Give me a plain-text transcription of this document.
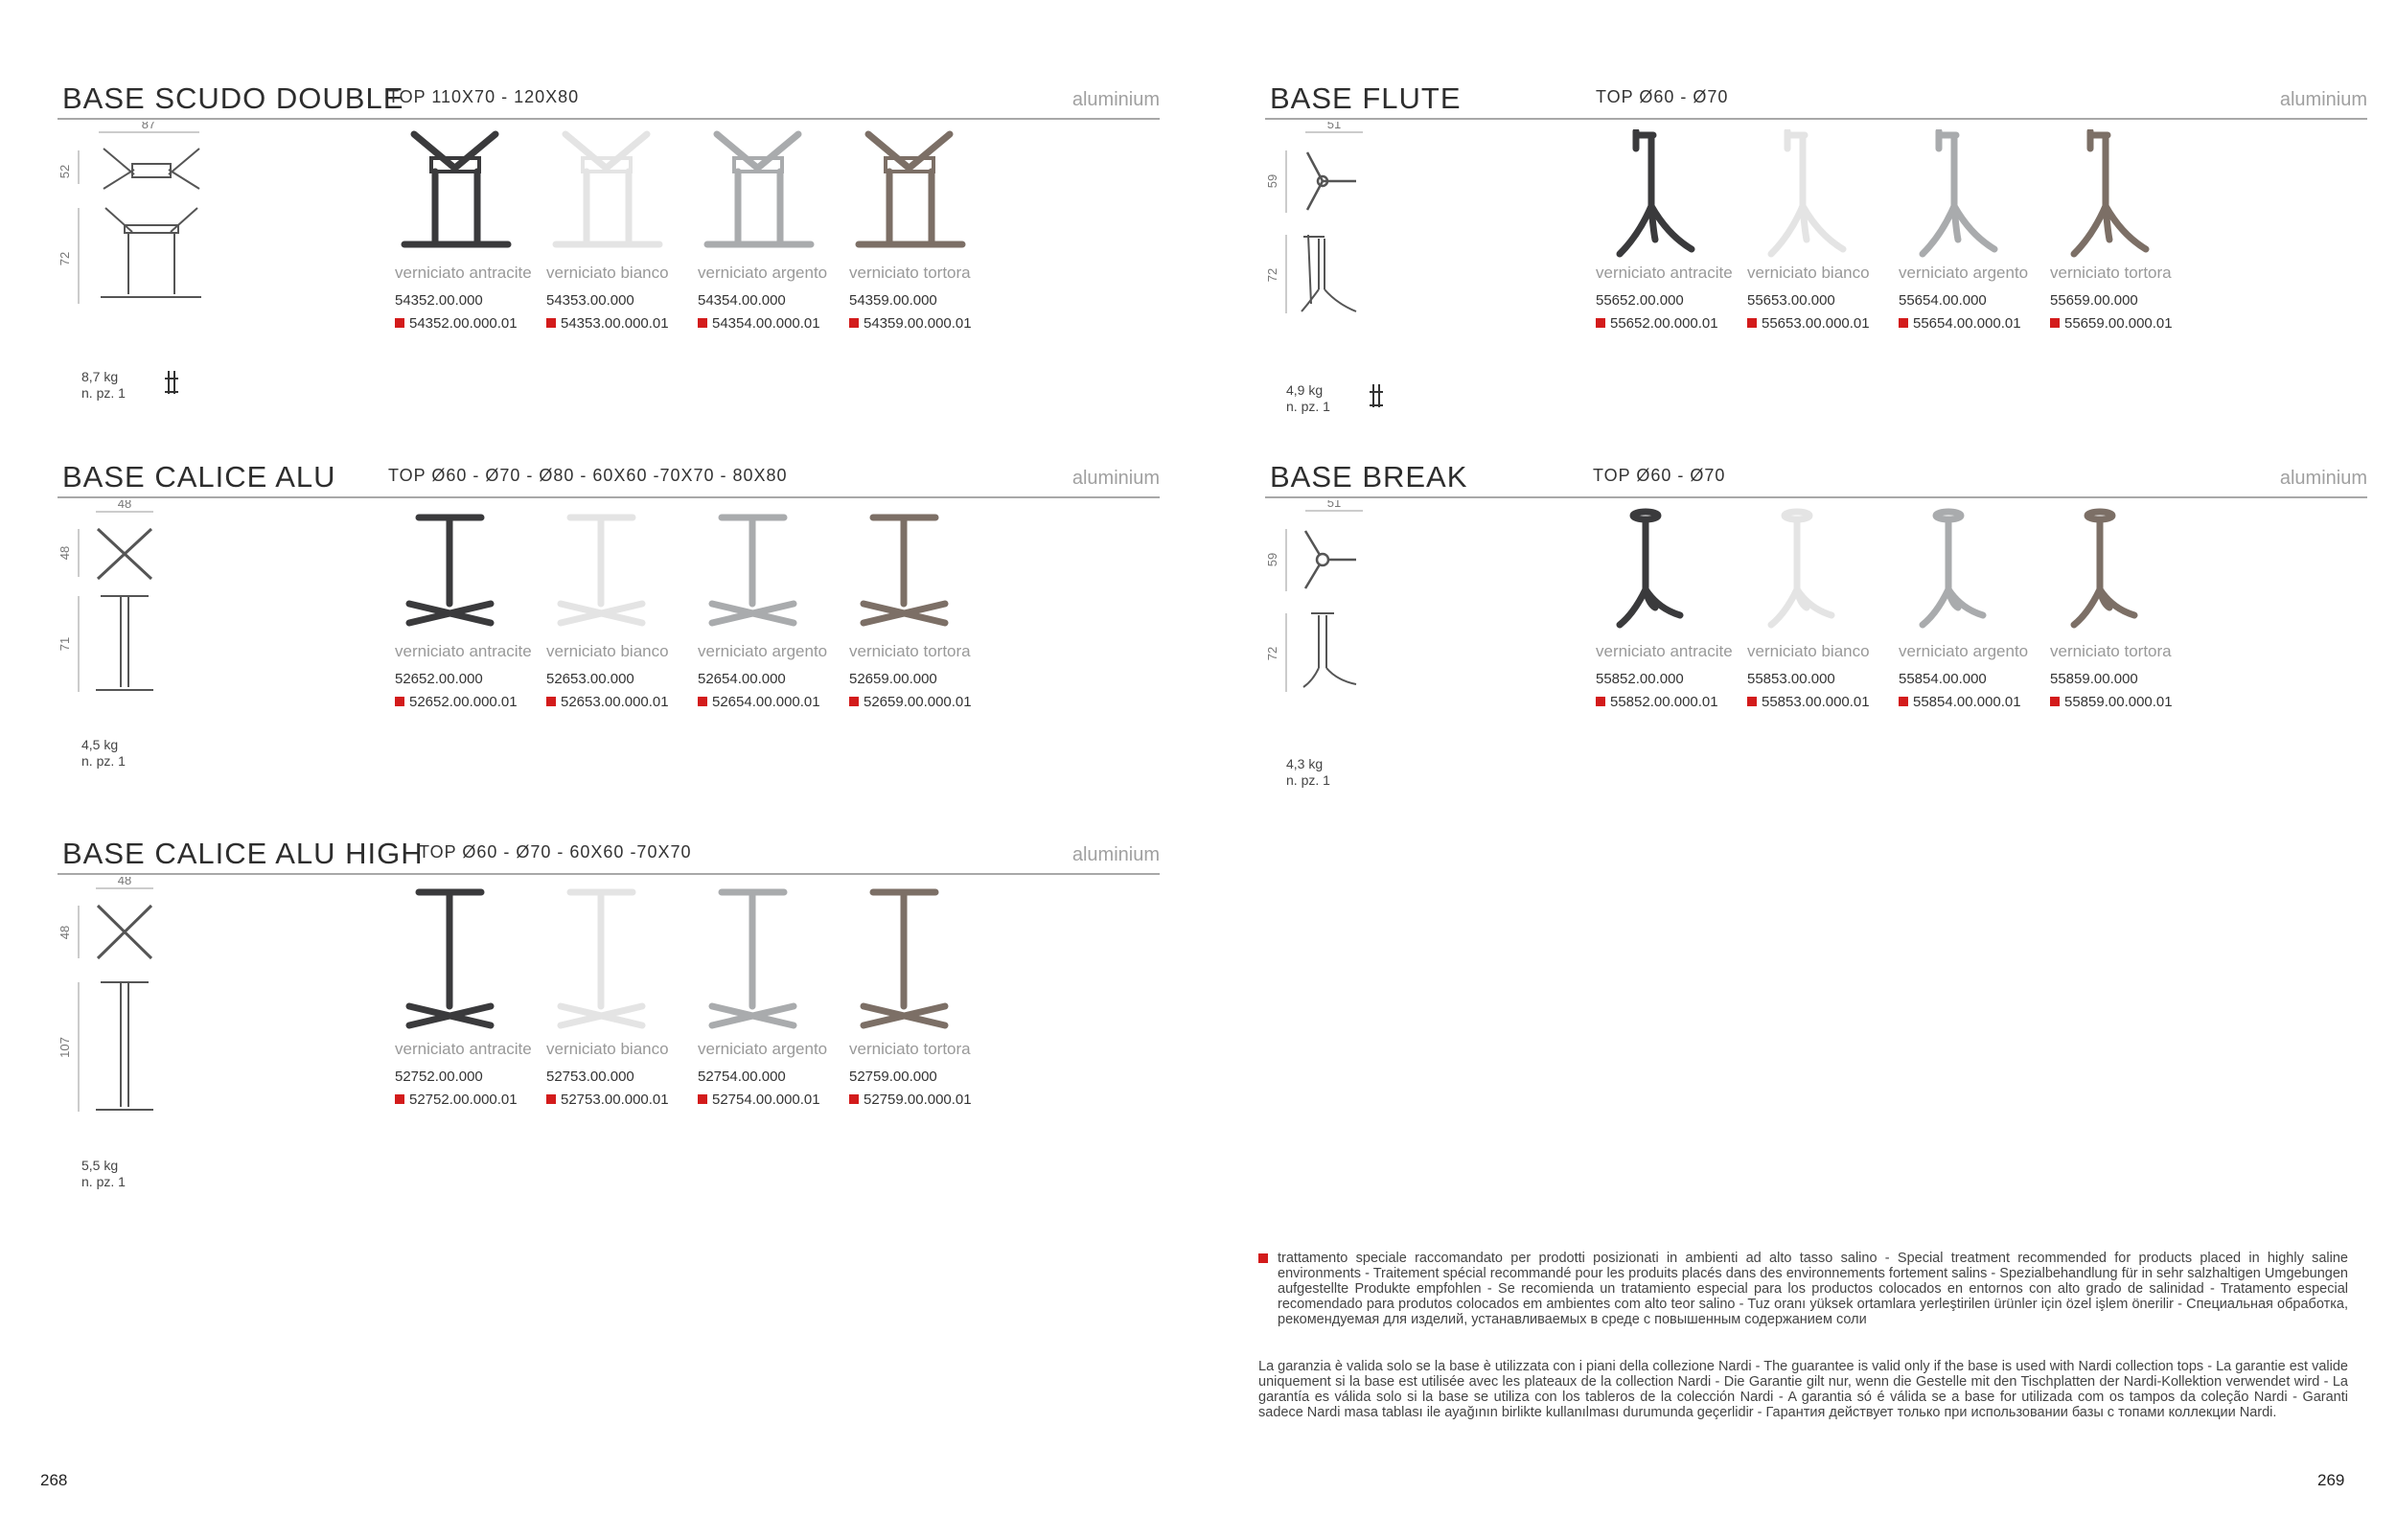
BASE SCUDO DOUBLE
TOP 110X70 - 120X80	aluminium
87
52
72
8,7 kg
n. pz. 1
verniciato antracite
54352.00.000
54352.00.000.01
verniciato bianco
54353.00.000
54353.00.000.01
verniciato argento
54354.00.000
54354.00.000.01
verniciato tortora
54359.00.000
54359.00.000.01
BASE CALICE ALU	TOP Ø60 - Ø70 - Ø80 - 60X60 -70X70 - 80X80	aluminium
48
48
71
4,5 kg
n. pz. 1
verniciato antracite
52652.00.000
52652.00.000.01
verniciato bianco
52653.00.000
52653.00.000.01
verniciato argento
52654.00.000
52654.00.000.01
verniciato tortora
52659.00.000
52659.00.000.01
BASE CALICE ALU HIGH
TOP Ø60 - Ø70 - 60X60 -70X70	aluminium
48
48
107
5,5 kg
n. pz. 1
verniciato antracite
52752.00.000
52752.00.000.01
verniciato bianco
52753.00.000
52753.00.000.01
verniciato argento
52754.00.000
52754.00.000.01
verniciato tortora
52759.00.000
52759.00.000.01
BASE FLUTE	TOP Ø60 - Ø70	aluminium
51
59
72
4,9 kg
n. pz. 1
verniciato antracite
55652.00.000
55652.00.000.01
verniciato bianco
55653.00.000
55653.00.000.01
verniciato argento
55654.00.000
55654.00.000.01
verniciato tortora
55659.00.000
55659.00.000.01
BASE BREAK	TOP Ø60 - Ø70	aluminium
51
59
72
4,3 kg
n. pz. 1
verniciato antracite
55852.00.000
55852.00.000.01
verniciato bianco
55853.00.000
55853.00.000.01
verniciato argento
55854.00.000
55854.00.000.01
verniciato tortora
55859.00.000
55859.00.000.01
trattamento speciale raccomandato per prodotti posizionati in ambienti ad alto tasso salino - Special treatment recommended for products placed in highly saline environments - Traitement spécial recommandé pour les produits placés dans des environnements fortement salins - Spezialbehandlung für in sehr salzhaltigen Umgebungen aufgestellte Produkte empfohlen - Se recomienda un tratamiento especial para los productos colocados en entornos con alto grado de salinidad - Tratamento especial recomendado para produtos colocados em ambientes com alto teor salino - Tuz oranı yüksek ortamlara yerleştirilen ürünler için özel işlem önerilir - Специальная обработка, рекомендуемая для изделий, устанавливаемых в среде с повышенным содержанием соли
La garanzia è valida solo se la base è utilizzata con i piani della collezione Nardi - The guarantee is valid only if the base is used with Nardi collection tops - La garantie est valide uniquement si la base est utilisée avec les plateaux de la collection Nardi - Die Garantie gilt nur, wenn die Gestelle mit den Tischplatten der Nardi-Kollektion verwendet wird - La garantía es válida solo si la base se utiliza con los tableros de la colección Nardi - A garantia só é válida se a base for utilizada com os tampos da coleção Nardi - Garanti sadece Nardi masa tablası ile ayağının birlikte kullanılması durumunda geçerlidir - Гарантия действует только при использовании базы с топами коллекции Nardi.
268	269
